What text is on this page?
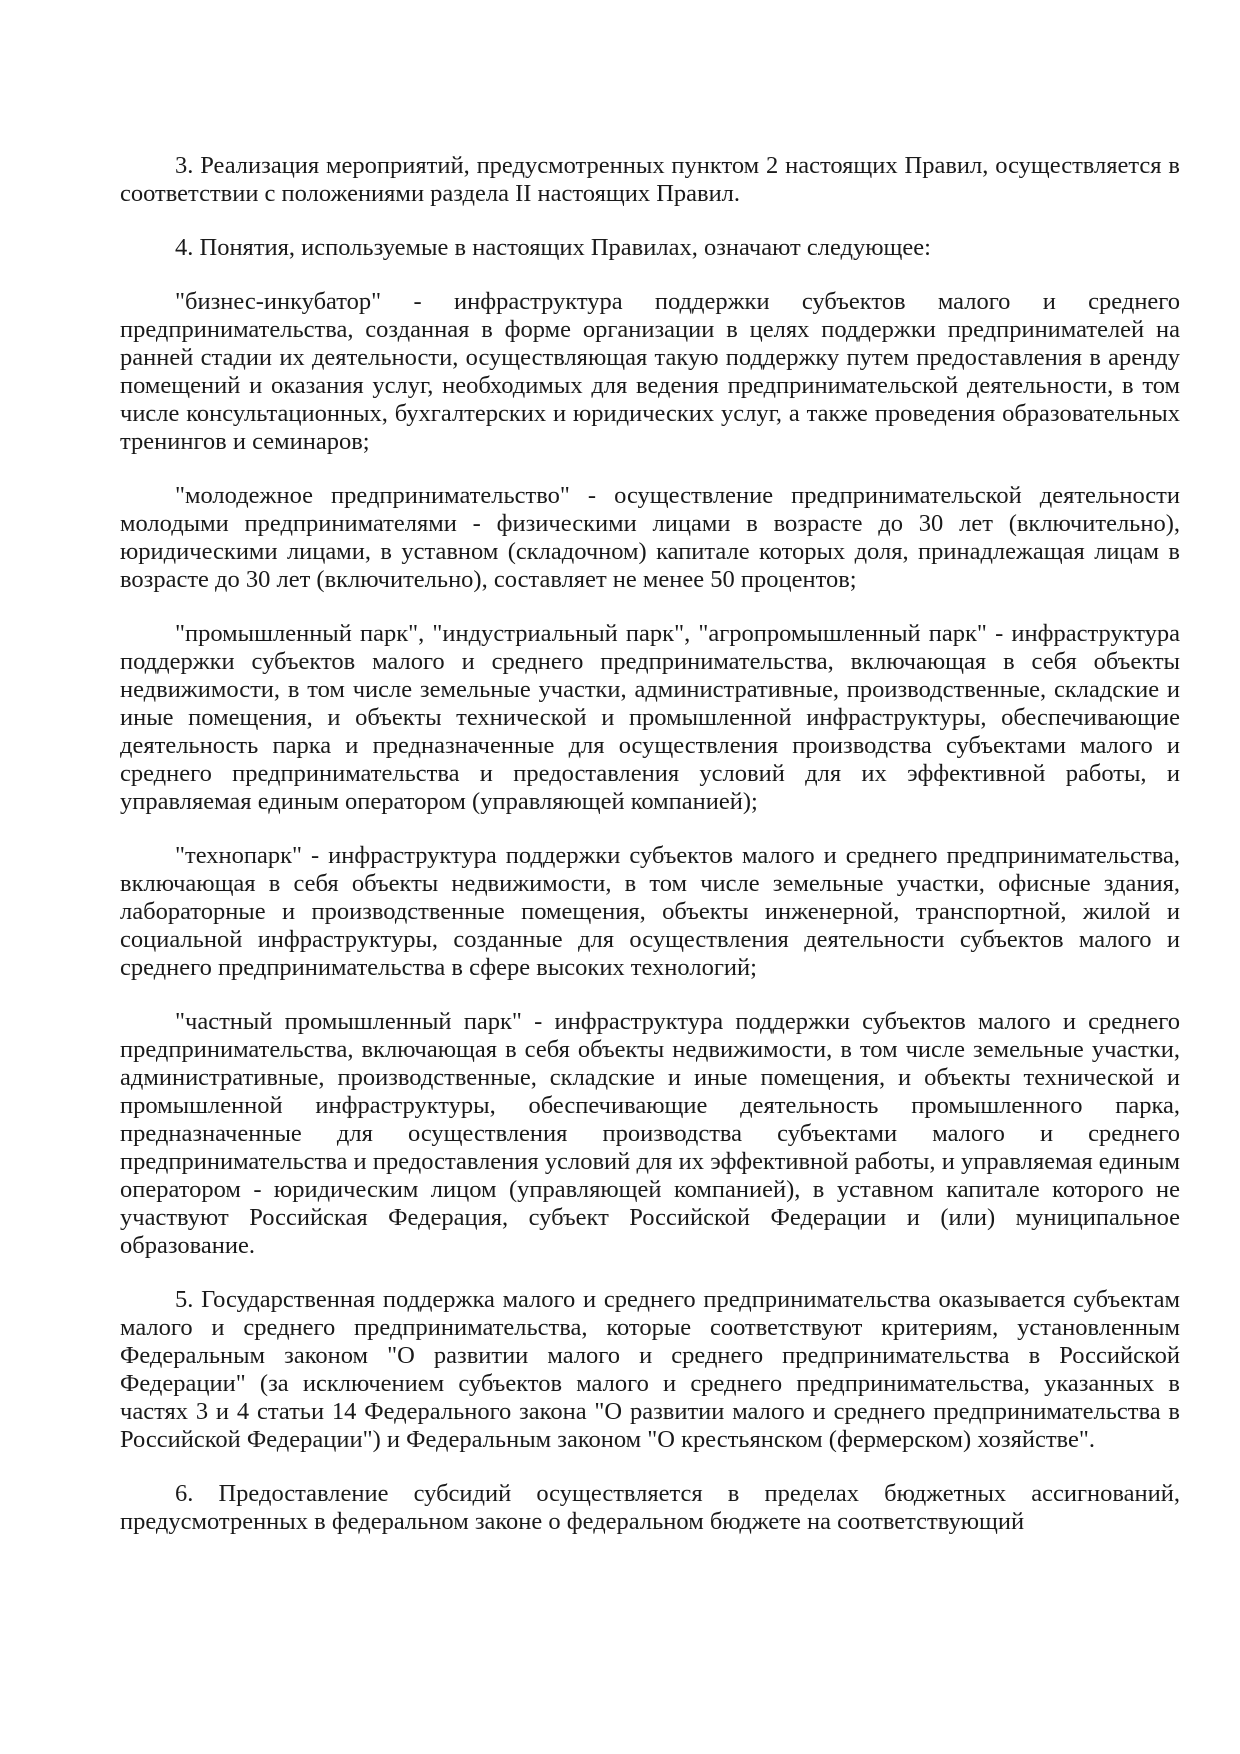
3. Реализация мероприятий, предусмотренных пунктом 2 настоящих Правил, осуществляется в соответствии с положениями раздела II настоящих Правил.

4. Понятия, используемые в настоящих Правилах, означают следующее:

"бизнес-инкубатор" - инфраструктура поддержки субъектов малого и среднего предпринимательства, созданная в форме организации в целях поддержки предпринимателей на ранней стадии их деятельности, осуществляющая такую поддержку путем предоставления в аренду помещений и оказания услуг, необходимых для ведения предпринимательской деятельности, в том числе консультационных, бухгалтерских и юридических услуг, а также проведения образовательных тренингов и семинаров;

"молодежное предпринимательство" - осуществление предпринимательской деятельности молодыми предпринимателями - физическими лицами в возрасте до 30 лет (включительно), юридическими лицами, в уставном (складочном) капитале которых доля, принадлежащая лицам в возрасте до 30 лет (включительно), составляет не менее 50 процентов;

"промышленный парк", "индустриальный парк", "агропромышленный парк" - инфраструктура поддержки субъектов малого и среднего предпринимательства, включающая в себя объекты недвижимости, в том числе земельные участки, административные, производственные, складские и иные помещения, и объекты технической и промышленной инфраструктуры, обеспечивающие деятельность парка и предназначенные для осуществления производства субъектами малого и среднего предпринимательства и предоставления условий для их эффективной работы, и управляемая единым оператором (управляющей компанией);

"технопарк" - инфраструктура поддержки субъектов малого и среднего предпринимательства, включающая в себя объекты недвижимости, в том числе земельные участки, офисные здания, лабораторные и производственные помещения, объекты инженерной, транспортной, жилой и социальной инфраструктуры, созданные для осуществления деятельности субъектов малого и среднего предпринимательства в сфере высоких технологий;

"частный промышленный парк" - инфраструктура поддержки субъектов малого и среднего предпринимательства, включающая в себя объекты недвижимости, в том числе земельные участки, административные, производственные, складские и иные помещения, и объекты технической и промышленной инфраструктуры, обеспечивающие деятельность промышленного парка, предназначенные для осуществления производства субъектами малого и среднего предпринимательства и предоставления условий для их эффективной работы, и управляемая единым оператором - юридическим лицом (управляющей компанией), в уставном капитале которого не участвуют Российская Федерация, субъект Российской Федерации и (или) муниципальное образование.

5. Государственная поддержка малого и среднего предпринимательства оказывается субъектам малого и среднего предпринимательства, которые соответствуют критериям, установленным Федеральным законом "О развитии малого и среднего предпринимательства в Российской Федерации" (за исключением субъектов малого и среднего предпринимательства, указанных в частях 3 и 4 статьи 14 Федерального закона "О развитии малого и среднего предпринимательства в Российской Федерации") и Федеральным законом "О крестьянском (фермерском) хозяйстве".

6. Предоставление субсидий осуществляется в пределах бюджетных ассигнований, предусмотренных в федеральном законе о федеральном бюджете на соответствующий
